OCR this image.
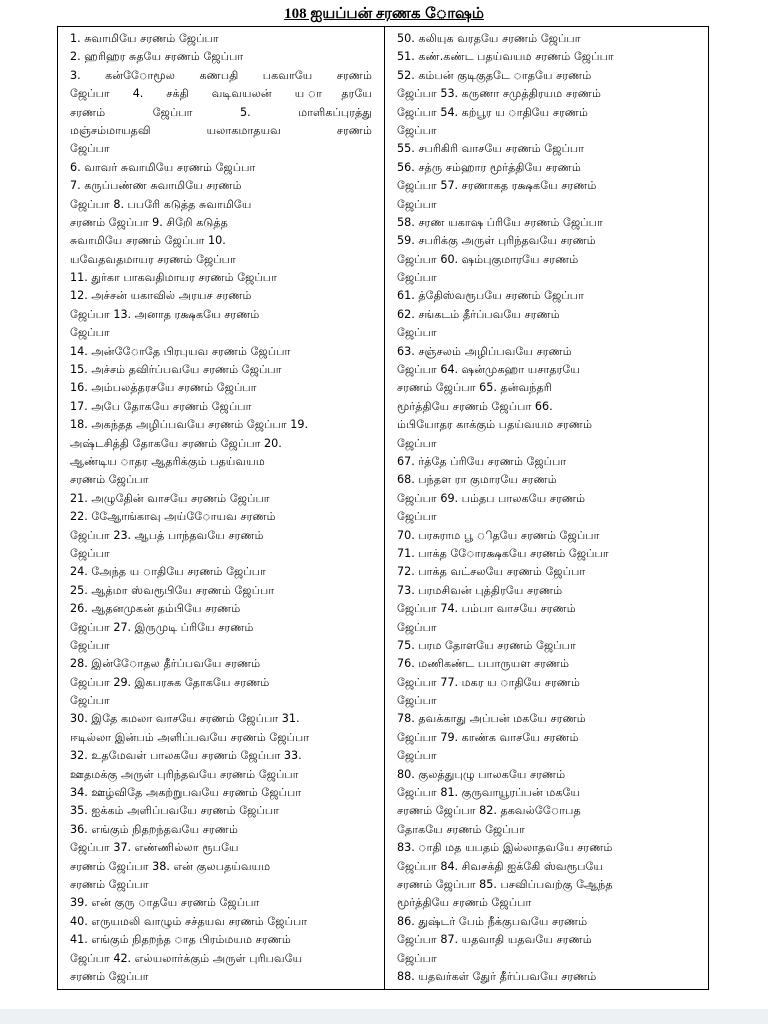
108 ஐயப்பன் சரணக ோஷம்
1. சுவாமியே சரணம் ஜேப்பா
2. ஹரிஹர சுதயே சரணம் ஜேப்பா
3. கன்ோேமூல கணபதி பகவாயே சரணம்
ஜேப்பா 4. சக்தி வடிவயலன் ய ாதரயே
சரணம் ஜேப்பா 5. மாளிகப்புரத்து
மஞ்சம்மாயதவி யலாகமாதயவ சரணம்
ஜேப்பா
6. வாவர் சுவாமியே சரணம் ஜேப்பா
7. கருப்பண்ண சுவாமியே சரணம்
ஜேப்பா 8. பபரிே கடுத்த சுவாமியே
சரணம் ஜேப்பா 9. சிறிே கடுத்த
சுவாமியே சரணம் ஜேப்பா 10.
யவேதவதமாயர சரணம் ஜேப்பா
11. துர்கா பாகவதிமாயர சரணம் ஜேப்பா
12. அச்சன் யகாவில் அரயச சரணம்
ஜேப்பா 13. அனாத ரக்ஷகயே சரணம்
ஜேப்பா
14. அன்ோேதே பிரபுயவ சரணம் ஜேப்பா
15. அச்சம் தவிர்ப்பவயே சரணம் ஜேப்பா
16. அம்பலத்தரசயே சரணம் ஜேப்பா
17. அபே தோகயே சரணம் ஜேப்பா
18. அகந்தத அழிப்பவயே சரணம் ஜேப்பா 19.
அஷ்டசித்தி தோகயே சரணம் ஜேப்பா 20.
ஆண்டிய ாதர ஆதரிக்கும் பதய்வயம
சரணம் ஜேப்பா
21. அழுதேின் வாசயே சரணம் ஜேப்பா
22. ஆோேங்காவு அய்ோேயவ சரணம்
ஜேப்பா 23. ஆபத் பாந்தவயே சரணம்
ஜேப்பா
24. அேந்த ய ாதியே சரணம் ஜேப்பா
25. ஆத்மா ஸ்வரூபியே சரணம் ஜேப்பா
26. ஆதனமுகன் தம்பியே சரணம்
ஜேப்பா 27. இருமுடி ப்ரியே சரணம்
ஜேப்பா
28. இன்ோேதல தீர்ப்பவயே சரணம்
ஜேப்பா 29. இகபரசுக தோகயே சரணம்
ஜேப்பா
30. இதே கமலா வாசயே சரணம் ஜேப்பா 31.
ஈடில்லா இன்பம் அளிப்பவயே சரணம் ஜேப்பா
32. உதமேவள் பாலகயே சரணம் ஜேப்பா 33.
ஊதமக்கு அருள் புரிந்தவயே சரணம் ஜேப்பா
34. ஊழ்விதே அகற்றுபவயே சரணம் ஜேப்பா
35. ஐக்கம் அளிப்பவயே சரணம் ஜேப்பா
36. எங்கும் நிதறந்தவயே சரணம்
ஜேப்பா 37. எண்ணில்லா ரூபயே
சரணம் ஜேப்பா 38. என் குலபதய்வயம
சரணம் ஜேப்பா
39. என் குரு ாதயே சரணம் ஜேப்பா
40. எருயமலி வாழும் சச்தயவ சரணம் ஜேப்பா
41. எங்கும் நிதறந்த ாத பிரம்மயம சரணம்
ஜேப்பா 42. எல்யலார்க்கும் அருள் புரிபவயே
சரணம் ஜேப்பா
50. கலியுக வரதயே சரணம் ஜேப்பா
51. கண்.கண்ட பதய்வயம சரணம் ஜேப்பா
52. கம்பன் குடிகுதடே ாதயே சரணம்
ஜேப்பா 53. கருணா சமுத்திரயம சரணம்
ஜேப்பா 54. கற்பூர ய ாதியே சரணம்
ஜேப்பா
55. சபரிகிரி வாசயே சரணம் ஜேப்பா
56. சத்ரு சம்ஹார மூர்த்தியே சரணம்
ஜேப்பா 57. சரணாகத ரக்ஷகயே சரணம்
ஜேப்பா
58. சரண யகாஷ ப்ரியே சரணம் ஜேப்பா
59. சபரிக்கு அருள் புரிந்தவயே சரணம்
ஜேப்பா 60. ஷம்புகுமாரயே சரணம்
ஜேப்பா
61. த்திேஸ்வரூபயே சரணம் ஜேப்பா
62. சங்கடம் தீர்ப்பவயே சரணம்
ஜேப்பா
63. சஞ்சலம் அழிப்பவயே சரணம்
ஜேப்பா 64. ஷன்முகஹா யசாதரயே
சரணம் ஜேப்பா 65. தன்வந்தரி
மூர்த்தியே சரணம் ஜேப்பா 66.
ம்பியோதர காக்கும் பதய்வயம சரணம்
ஜேப்பா
67. ர்த்தே ப்ரியே சரணம் ஜேப்பா
68. பந்தள ரா குமாரயே சரணம்
ஜேப்பா 69. பம்தப பாலகயே சரணம்
ஜேப்பா
70. பரசுராம பூ ிதயே சரணம் ஜேப்பா
71. பாக்த ோேரக்ஷகயே சரணம் ஜேப்பா
72. பாக்த வட்சலயே சரணம் ஜேப்பா
73. பரமசிவன் புத்திரயே சரணம்
ஜேப்பா 74. பம்பா வாசயே சரணம்
ஜேப்பா
75. பரம தோளயே சரணம் ஜேப்பா
76. மணிகண்ட பபாருயள சரணம்
ஜேப்பா 77. மகர ய ாதியே சரணம்
ஜேப்பா
78. தவக்காது அப்பன் மகயே சரணம்
ஜேப்பா 79. காண்க வாசயே சரணம்
ஜேப்பா
80. குலத்துபுழு பாலகயே சரணம்
ஜேப்பா 81. குருவாயூரப்பன் மகயே
சரணம் ஜேப்பா 82. தகவல்ோேபத
தோகயே சரணம் ஜேப்பா
83. ாதி மத யபதம் இல்லாதவயே சரணம்
ஜேப்பா 84. சிவசக்தி ஐக்கிே ஸ்வரூபயே
சரணம் ஜேப்பா 85. பசவிப்பவற்கு ஆேந்த
மூர்த்தியே சரணம் ஜேப்பா
86. துஷ்டர் பேம் நீக்குபவயே சரணம்
ஜேப்பா 87. யதவாதி யதவயே சரணம்
ஜேப்பா
88. யதவர்கள் துேர் தீர்ப்பவயே சரணம்
